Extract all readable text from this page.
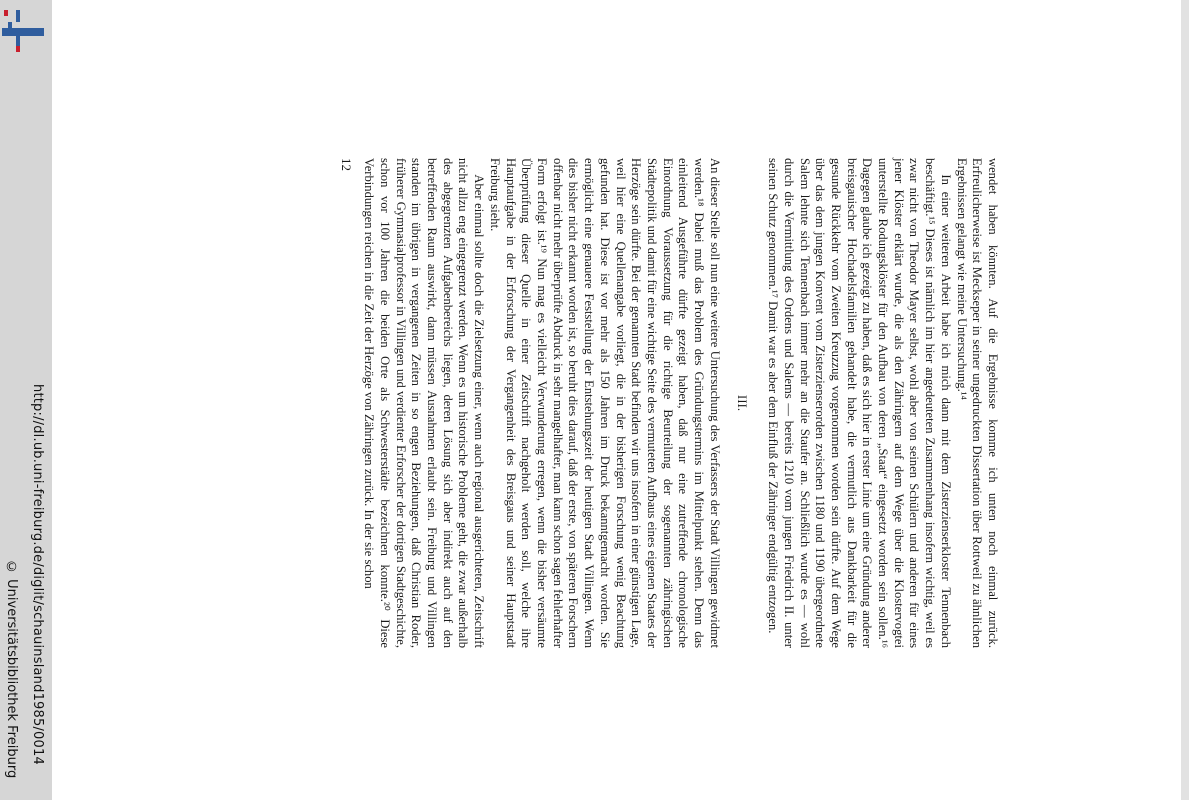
http://dl.ub.uni-freiburg.de/diglit/schauinsland1985/0014
© Universitätsbibliothek Freiburg

wendet haben könnten. Auf die Ergebnisse komme ich unten noch einmal zurück. Erfreulicherweise ist Meckseper in seiner ungedruckten Dissertation über Rottweil zu ähnlichen Ergebnissen gelangt wie meine Untersuchung.¹⁴

In einer weiteren Arbeit habe ich mich dann mit dem Zisterzienserkloster Tennenbach beschäftigt.¹⁵ Dieses ist nämlich im hier angedeuteten Zusammenhang insofern wichtig, weil es zwar nicht von Theodor Mayer selbst, wohl aber von seinen Schülern und anderen für eines jener Klöster erklärt wurde, die als den Zähringern auf dem Wege über die Klostervogtei unterstellte Rodungsklöster für den Aufbau von deren „Staat“ eingesetzt worden sein sollen.¹⁶ Dagegen glaube ich gezeigt zu haben, daß es sich hier in erster Linie um eine Gründung anderer breisgauischer Hochadelsfamilien gehandelt habe, die vermutlich aus Dankbarkeit für die gesunde Rückkehr vom Zweiten Kreuzzug vorgenommen worden sein dürfte. Auf dem Wege über das dem jungen Konvent vom Zisterzienserorden zwischen 1180 und 1190 übergeordnete Salem lehnte sich Tennenbach immer mehr an die Staufer an. Schließlich wurde es — wohl durch die Vermittlung des Ordens und Salems — bereits 1210 vom jungen Friedrich II. unter seinen Schutz genommen.¹⁷ Damit war es aber dem Einfluß der Zähringer endgültig entzogen.

III.

An dieser Stelle soll nun eine weitere Untersuchung des Verfassers der Stadt Villingen gewidmet werden.¹⁸ Dabei muß das Problem des Gründungstermins im Mittelpunkt stehen. Denn das einleitend Ausgeführte dürfte gezeigt haben, daß nur eine zutreffende chronologische Einordnung Voraussetzung für die richtige Beurteilung der sogenannten zähringischen Städtepolitik und damit für eine wichtige Seite des vermuteten Aufbaus eines eigenen Staates der Herzöge sein dürfte. Bei der genannten Stadt befinden wir uns insofern in einer günstigen Lage, weil hier eine Quellenangabe vorliegt, die in der bisherigen Forschung wenig Beachtung gefunden hat. Diese ist vor mehr als 150 Jahren im Druck bekanntgemacht worden. Sie ermöglicht eine genauere Feststellung der Entstehungszeit der heutigen Stadt Villingen. Wenn dies bisher nicht erkannt worden ist, so beruht dies darauf, daß der erste, von späteren Forschern offenbar nicht mehr überprüfte Abdruck in sehr mangelhafter, man kann schon sagen fehlerhafter Form erfolgt ist.¹⁹ Nun mag es vielleicht Verwunderung erregen, wenn die bisher versäumte Überprüfung dieser Quelle in einer Zeitschrift nachgeholt werden soll, welche ihre Hauptaufgabe in der Erforschung der Vergangenheit des Breisgaus und seiner Hauptstadt Freiburg sieht.

Aber einmal sollte doch die Zielsetzung einer, wenn auch regional ausgerichteten, Zeitschrift nicht allzu eng eingegrenzt werden. Wenn es um historische Probleme geht, die zwar außerhalb des abgegrenzten Aufgabenbereichs liegen, deren Lösung sich aber indirekt auch auf den betreffenden Raum auswirkt, dann müssen Ausnahmen erlaubt sein. Freiburg und Villingen standen im übrigen in vergangenen Zeiten in so engen Beziehungen, daß Christian Roder, früherer Gymnasialprofessor in Villingen und verdienter Erforscher der dortigen Stadtgeschichte, schon vor 100 Jahren die beiden Orte als Schwesterstädte bezeichnen konnte.²⁰ Diese Verbindungen reichen in die Zeit der Herzöge von Zähringen zurück. In der sie schon

12
